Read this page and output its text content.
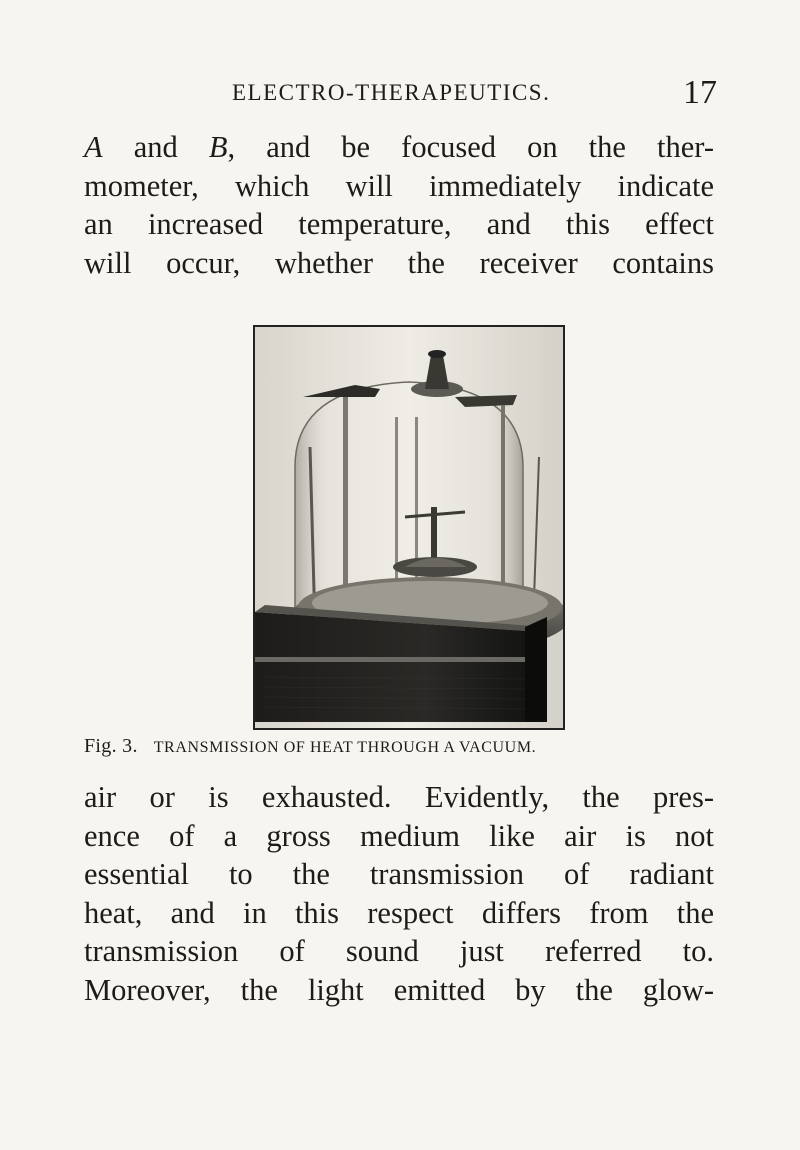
ELECTRO-THERAPEUTICS.	17
A and B, and be focused on the ther-
mometer, which will immediately indicate
an increased temperature, and this effect
will occur, whether the receiver contains
Fig. 3. TRANSMISSION OF HEAT THROUGH A VACUUM.
air or is exhausted. Evidently, the pres-
ence of a gross medium like air is not
essential to the transmission of radiant
heat, and in this respect differs from the
transmission of sound just referred to.
Moreover, the light emitted by the glow-
